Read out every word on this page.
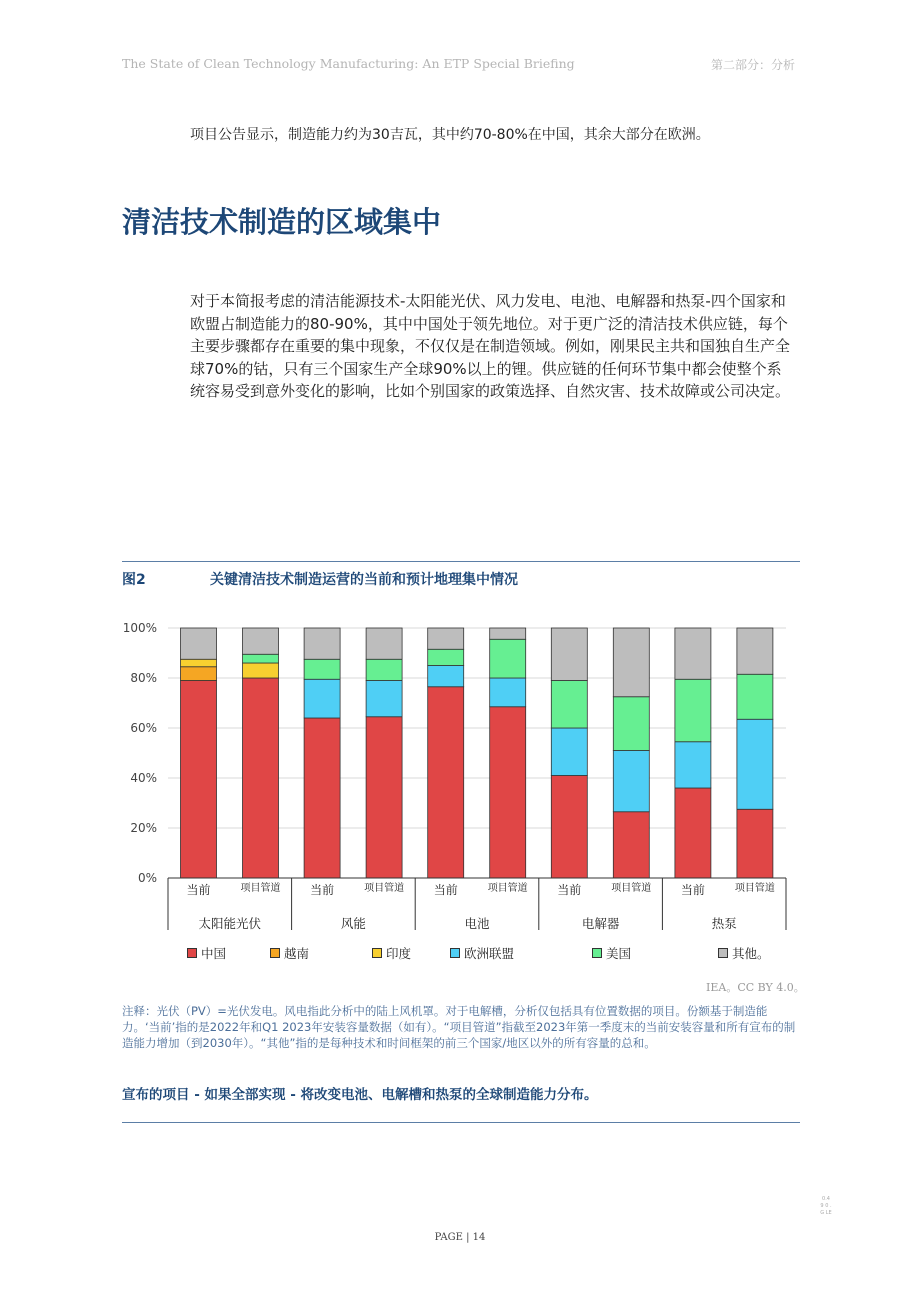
The State of Clean Technology Manufacturing: An ETP Special Briefing	第二部分：分析
项目公告显示，制造能力约为30吉瓦，其中约70-80%在中国，其余大部分在欧洲。
清洁技术制造的区域集中

对于本简报考虑的清洁能源技术-太阳能光伏、风力发电、电池、电解器和热泵-四个国家和欧盟占制造能力的80-90%，其中中国处于领先地位。对于更广泛的清洁技术供应链，每个主要步骤都存在重要的集中现象，不仅仅是在制造领域。例如，刚果民主共和国独自生产全球70%的钴，只有三个国家生产全球90%以上的锂。供应链的任何环节集中都会使整个系统容易受到意外变化的影响，比如个别国家的政策选择、自然灾害、技术故障或公司决定。

图2	关键清洁技术制造运营的当前和预计地理集中情况
0%
20%
40%
60%
80%
100%
当前	项目管道 当前	项目管道 当前	项目管道 当前	项目管道 当前	项目管道
太阳能光伏	风能	电池	电解器	热泵
中国	越南	印度	欧洲联盟	美国	其他。
IEA。CC BY 4.0。

注释：光伏（PV）=光伏发电。风电指此分析中的陆上风机罩。对于电解槽，分析仅包括具有位置数据的项目。份额基于制造能力。‘当前’指的是2022年和Q1 2023年安装容量数据（如有）。“项目管道”指截至2023年第一季度末的当前安装容量和所有宣布的制造能力增加（到2030年）。“其他”指的是每种技术和时间框架的前三个国家/地区以外的所有容量的总和。

宣布的项目 - 如果全部实现 - 将改变电池、电解槽和热泵的全球制造能力分布。
PAGE | 14
0.4 9 0 . G LE
